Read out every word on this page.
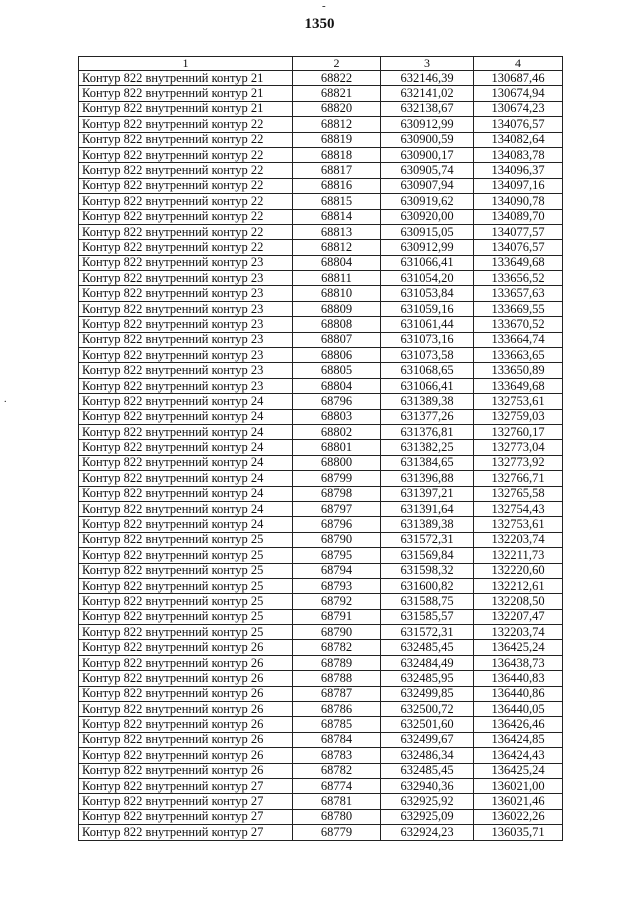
-
1350
.
1	2	3	4
Контур 822 внутренний контур 21	68822	632146,39	130687,46
Контур 822 внутренний контур 21	68821	632141,02	130674,94
Контур 822 внутренний контур 21	68820	632138,67	130674,23
Контур 822 внутренний контур 22	68812	630912,99	134076,57
Контур 822 внутренний контур 22	68819	630900,59	134082,64
Контур 822 внутренний контур 22	68818	630900,17	134083,78
Контур 822 внутренний контур 22	68817	630905,74	134096,37
Контур 822 внутренний контур 22	68816	630907,94	134097,16
Контур 822 внутренний контур 22	68815	630919,62	134090,78
Контур 822 внутренний контур 22	68814	630920,00	134089,70
Контур 822 внутренний контур 22	68813	630915,05	134077,57
Контур 822 внутренний контур 22	68812	630912,99	134076,57
Контур 822 внутренний контур 23	68804	631066,41	133649,68
Контур 822 внутренний контур 23	68811	631054,20	133656,52
Контур 822 внутренний контур 23	68810	631053,84	133657,63
Контур 822 внутренний контур 23	68809	631059,16	133669,55
Контур 822 внутренний контур 23	68808	631061,44	133670,52
Контур 822 внутренний контур 23	68807	631073,16	133664,74
Контур 822 внутренний контур 23	68806	631073,58	133663,65
Контур 822 внутренний контур 23	68805	631068,65	133650,89
Контур 822 внутренний контур 23	68804	631066,41	133649,68
Контур 822 внутренний контур 24	68796	631389,38	132753,61
Контур 822 внутренний контур 24	68803	631377,26	132759,03
Контур 822 внутренний контур 24	68802	631376,81	132760,17
Контур 822 внутренний контур 24	68801	631382,25	132773,04
Контур 822 внутренний контур 24	68800	631384,65	132773,92
Контур 822 внутренний контур 24	68799	631396,88	132766,71
Контур 822 внутренний контур 24	68798	631397,21	132765,58
Контур 822 внутренний контур 24	68797	631391,64	132754,43
Контур 822 внутренний контур 24	68796	631389,38	132753,61
Контур 822 внутренний контур 25	68790	631572,31	132203,74
Контур 822 внутренний контур 25	68795	631569,84	132211,73
Контур 822 внутренний контур 25	68794	631598,32	132220,60
Контур 822 внутренний контур 25	68793	631600,82	132212,61
Контур 822 внутренний контур 25	68792	631588,75	132208,50
Контур 822 внутренний контур 25	68791	631585,57	132207,47
Контур 822 внутренний контур 25	68790	631572,31	132203,74
Контур 822 внутренний контур 26	68782	632485,45	136425,24
Контур 822 внутренний контур 26	68789	632484,49	136438,73
Контур 822 внутренний контур 26	68788	632485,95	136440,83
Контур 822 внутренний контур 26	68787	632499,85	136440,86
Контур 822 внутренний контур 26	68786	632500,72	136440,05
Контур 822 внутренний контур 26	68785	632501,60	136426,46
Контур 822 внутренний контур 26	68784	632499,67	136424,85
Контур 822 внутренний контур 26	68783	632486,34	136424,43
Контур 822 внутренний контур 26	68782	632485,45	136425,24
Контур 822 внутренний контур 27	68774	632940,36	136021,00
Контур 822 внутренний контур 27	68781	632925,92	136021,46
Контур 822 внутренний контур 27	68780	632925,09	136022,26
Контур 822 внутренний контур 27	68779	632924,23	136035,71
